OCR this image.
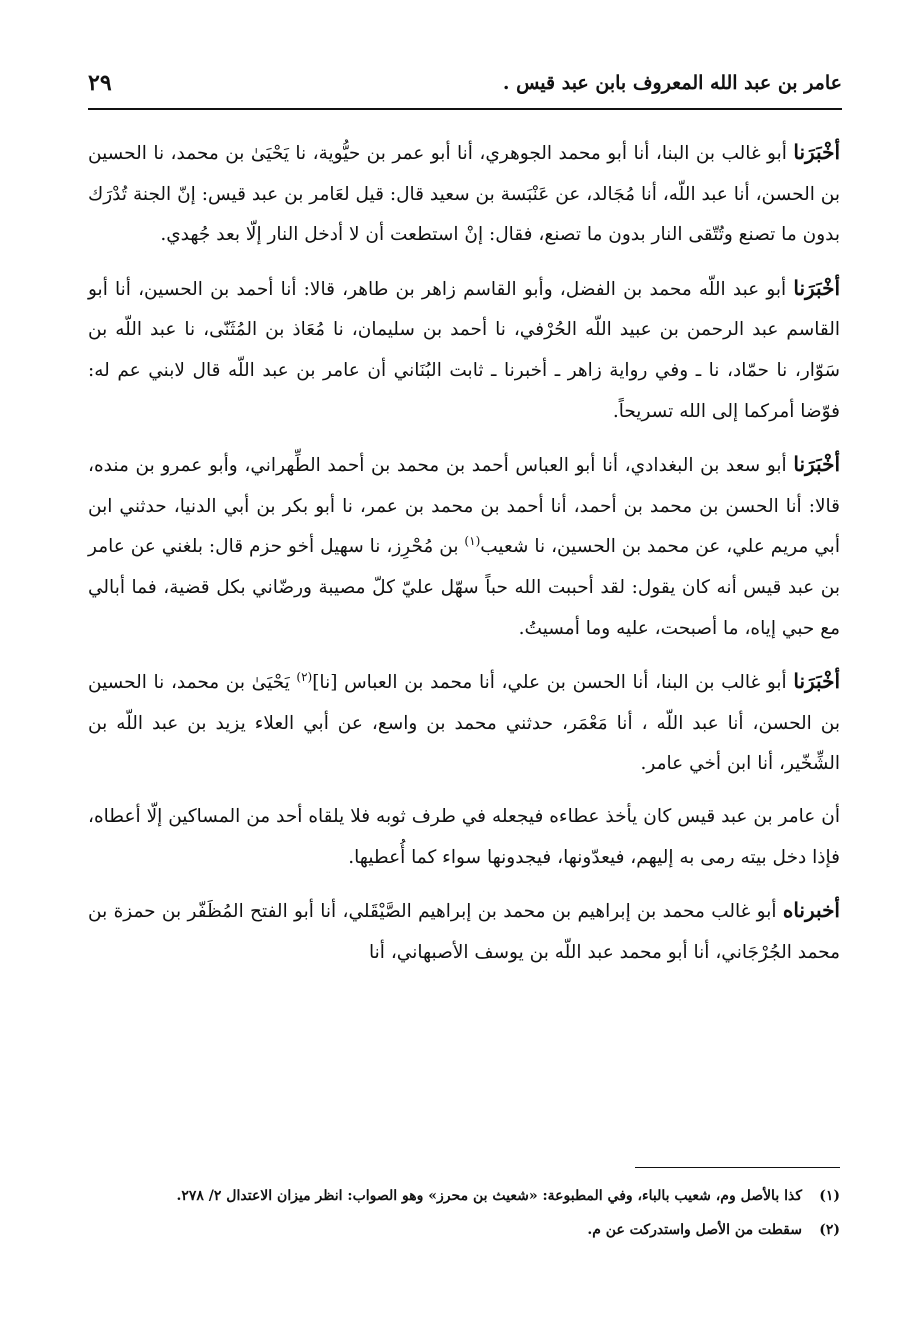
عامر بن عبد الله المعروف بابن عبد قيس .
٢٩

أخْبَرَنا أبو غالب بن البنا، أنا أبو محمد الجوهري، أنا أبو عمر بن حيُّوية، نا يَحْيَىٰ بن محمد، نا الحسين بن الحسن، أنا عبد اللّه، أنا مُجَالد، عن عَنْبَسة بن سعيد قال: قيل لعَامر بن عبد قيس: إنّ الجنة تُدْرَك بدون ما تصنع وتُتّقى النار بدون ما تصنع، فقال: إنْ استطعت أن لا أدخل النار إلّا بعد جُهدي.

أخْبَرَنا أبو عبد اللّه محمد بن الفضل، وأبو القاسم زاهر بن طاهر، قالا: أنا أحمد بن الحسين، أنا أبو القاسم عبد الرحمن بن عبيد اللّه الحُرْفي، نا أحمد بن سليمان، نا مُعَاذ بن المُثَنّى، نا عبد اللّه بن سَوّار، نا حمّاد، نا ـ وفي رواية زاهر ـ أخبرنا ـ ثابت البُنَاني أن عامر بن عبد اللّه قال لابني عم له: فوّضا أمركما إلى الله تسريحاً.

أخْبَرَنا أبو سعد بن البغدادي، أنا أبو العباس أحمد بن محمد بن أحمد الطِّهراني، وأبو عمرو بن منده، قالا: أنا الحسن بن محمد بن أحمد، أنا أحمد بن محمد بن عمر، نا أبو بكر بن أبي الدنيا، حدثني ابن أبي مريم علي، عن محمد بن الحسين، نا شعيب$^{(١)}$ بن مُحْرِز، نا سهيل أخو حزم قال: بلغني عن عامر بن عبد قيس أنه كان يقول: لقد أحببت الله حباً سهّل عليّ كلّ مصيبة ورضّاني بكل قضية، فما أبالي مع حبي إياه، ما أصبحت، عليه وما أمسيتُ.

أخْبَرَنا أبو غالب بن البنا، أنا الحسن بن علي، أنا محمد بن العباس [نا]$^{(٢)}$ يَحْيَىٰ بن محمد، نا الحسين بن الحسن، أنا عبد اللّه ، أنا مَعْمَر، حدثني محمد بن واسع، عن أبي العلاء يزيد بن عبد اللّه بن الشِّخّير، أنا ابن أخي عامر.

أن عامر بن عبد قيس كان يأخذ عطاءه فيجعله في طرف ثوبه فلا يلقاه أحد من المساكين إلّا أعطاه، فإذا دخل بيته رمى به إليهم، فيعدّونها، فيجدونها سواء كما أُعطيها.

أخبرناه أبو غالب محمد بن إبراهيم بن محمد بن إبراهيم الصَّيْقَلي، أنا أبو الفتح المُظَفّر بن حمزة بن محمد الجُرْجَاني، أنا أبو محمد عبد اللّه بن يوسف الأصبهاني، أنا

(١)
كذا بالأصل وم، شعيب بالباء، وفي المطبوعة: «شعيث بن محرز» وهو الصواب: انظر ميزان الاعتدال ٢/ ٢٧٨.
(٢)
سقطت من الأصل واستدركت عن م.
